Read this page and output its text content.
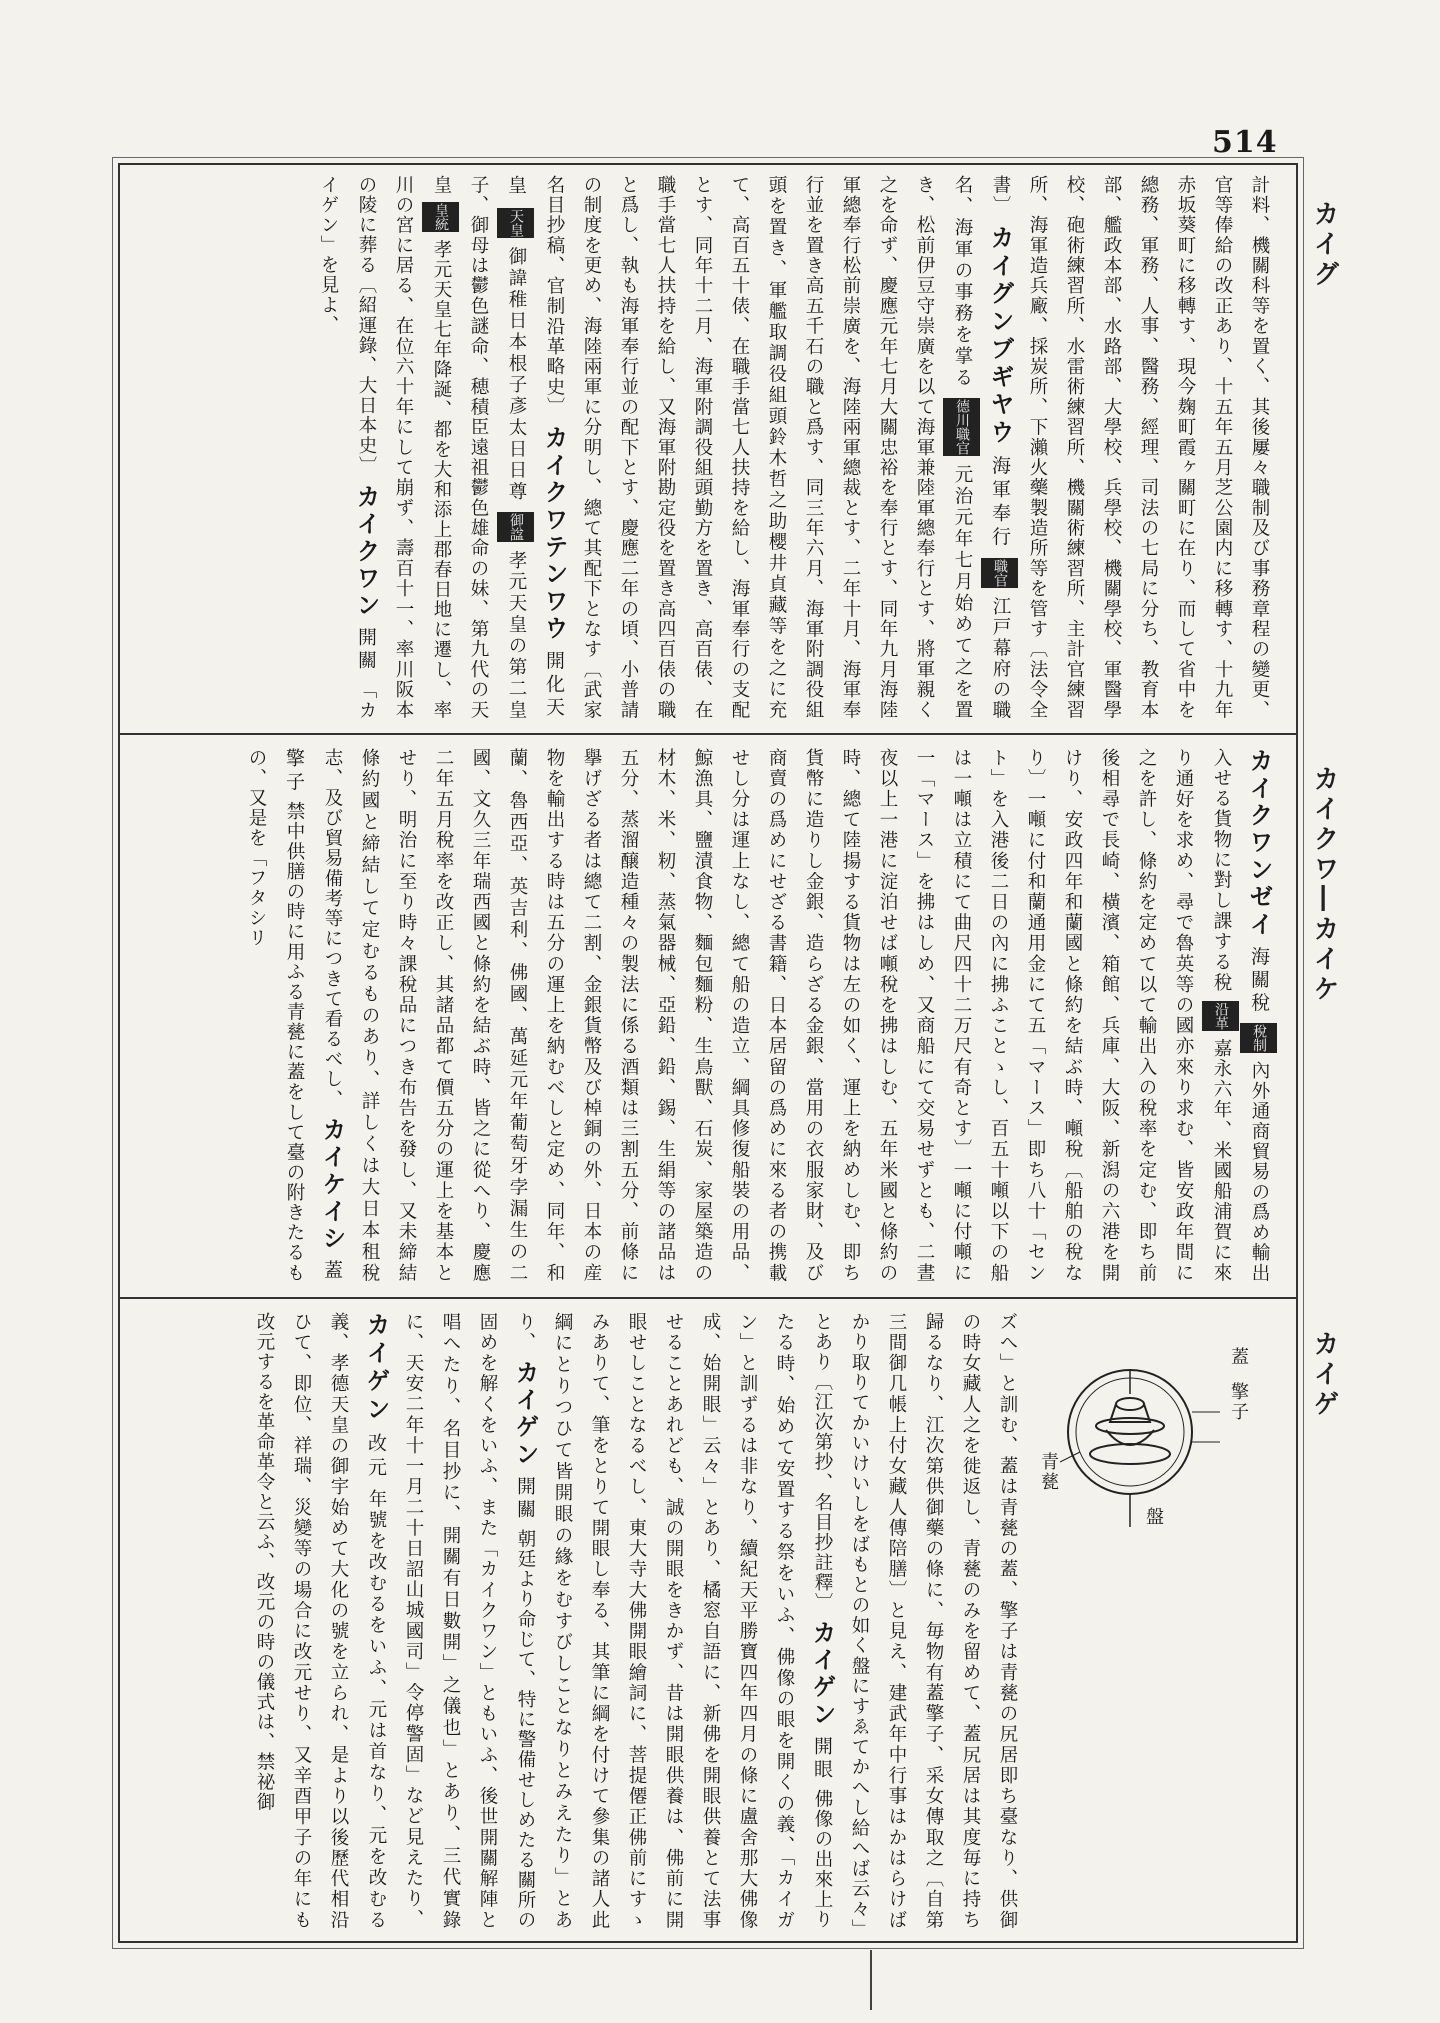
514
カイグ
カイクワ―カイケ
カイゲ
計料、機關科等を置く、其後屢々職制及び事務章程の變更、官等俸給の改正あり、十五年五月芝公園内に移轉す、十九年赤坂葵町に移轉す、現今麹町霞ヶ關町に在り、而して省中を總務、軍務、人事、醫務、經理、司法の七局に分ち、教育本部、艦政本部、水路部、大學校、兵學校、機關學校、軍醫學校、砲術練習所、水雷術練習所、機關術練習所、主計官練習所、海軍造兵廠、採炭所、下瀨火藥製造所等を管す〔法令全書〕 カイグンブギヤウ 海軍奉行 職官 江戸幕府の職名、海軍の事務を掌る 德川職官 元治元年七月始めて之を置き、松前伊豆守崇廣を以て海軍兼陸軍總奉行とす、將軍親く之を命ず、慶應元年七月大關忠裕を奉行とす、同年九月海陸軍總奉行松前崇廣を、海陸兩軍總裁とす、二年十月、海軍奉行並を置き高五千石の職と爲す、同三年六月、海軍附調役組頭を置き、軍艦取調役組頭鈴木哲之助櫻井貞藏等を之に充て、高百五十俵、在職手當七人扶持を給し、海軍奉行の支配とす、同年十二月、海軍附調役組頭勤方を置き、高百俵、在職手當七人扶持を給し、又海軍附勘定役を置き高四百俵の職と爲し、執も海軍奉行並の配下とす、慶應二年の頃、小普請の制度を更め、海陸兩軍に分明し、總て其配下となす〔武家名目抄稿、官制沿革略史〕 カイクワテンワウ 開化天皇 天皇 御諱稚日本根子彥太日日尊 御諡 孝元天皇の第二皇子、御母は鬱色謎命、穂積臣遠祖鬱色雄命の妹、第九代の天皇 皇統 孝元天皇七年降誕、都を大和添上郡春日地に遷し、率川の宮に居る、在位六十年にして崩ず、壽百十一、率川阪本の陵に葬る〔紹運錄、大日本史〕 カイクワン 開關 「カイゲン」を見よ、
カイクワンゼイ 海關稅 稅制 內外通商貿易の爲め輸出入せる貨物に對し課する稅 沿革 嘉永六年、米國船浦賀に來り通好を求め、尋で魯英等の國亦來り求む、皆安政年間に之を許し、條約を定めて以て輸出入の稅率を定む、即ち前後相尋で長崎、橫濱、箱館、兵庫、大阪、新潟の六港を開けり、安政四年和蘭國と條約を結ぶ時、噸稅〔船舶の稅なり〕一噸に付和蘭通用金にて五「マース」即ち八十「セント」を入港後二日の內に拂ふことゝし、百五十噸以下の船は一噸は立積にて曲尺四十二万尺有奇とす〕一噸に付噸に一「マース」を拂はしめ、又商船にて交易せずとも、二晝夜以上一港に淀泊せば噸稅を拂はしむ、五年米國と條約の時、總て陸揚する貨物は左の如く、運上を納めしむ、即ち貨幣に造りし金銀、造らざる金銀、當用の衣服家財、及び商賣の爲めにせざる書籍、日本居留の爲めに來る者の携載せし分は運上なし、總て船の造立、綱具修復船裝の用品、鯨漁具、鹽漬食物、麵包麵粉、生鳥獸、石炭、家屋築造の材木、米、籾、蒸氣器械、亞鉛、鉛、錫、生絹等の諸品は五分、蒸溜醸造種々の製法に係る酒類は三割五分、前條に擧げざる者は總て二割、金銀貨幣及び棹銅の外、日本の産物を輸出する時は五分の運上を納むべしと定め、同年、和蘭、魯西亞、英吉利、佛國、萬延元年葡萄牙孛漏生の二國、文久三年瑞西國と條約を結ぶ時、皆之に從へり、慶應二年五月稅率を改正し、其諸品都て價五分の運上を基本とせり、明治に至り時々課稅品につき布告を發し、又未締結條約國と締結して定むるものあり、詳しくは大日本租稅志、及び貿易備考等につきて看るべし、 カイケイシ 蓋擎子 禁中供膳の時に用ふる青甆に蓋をして臺の附きたるもの、又是を「フタシリ
ズへ」と訓む、蓋は青甆の蓋、擎子は青甆の尻居即ち臺なり、供御の時女藏人之を徙返し、青甆のみを留めて、蓋尻居は其度毎に持ち歸るなり、江次第供御藥の條に、毎物有蓋擎子、采女傳取之〔自第三間御几帳上付女藏人傳陪膳〕と見え、建武年中行事はかはらけばかり取りてかいけいしをばもとの如く盤にすゑてかへし給へば云々」とあり〔江次第抄、名目抄註釋〕 カイゲン 開眼 佛像の出來上りたる時、始めて安置する祭をいふ、佛像の眼を開くの義、「カイガン」と訓ずるは非なり、續紀天平勝寶四年四月の條に盧舍那大佛像成、始開眼」云々」とあり、橘窓自語に、新佛を開眼供養とて法事せることあれども、誠の開眼をきかず、昔は開眼供養は、佛前に開眼せしことなるべし、東大寺大佛開眼繪詞に、菩提僊正佛前にすゝみありて、筆をとりて開眼し奉る、其筆に綱を付けて參集の諸人此綱にとりつひて皆開眼の緣をむすびしことなりとみえたり」とあり、 カイゲン 開關 朝廷より命じて、特に警備せしめたる關所の固めを解くをいふ、また「カイクワン」ともいふ、後世開關解陣と唱へたり、名目抄に、開關有日數開」之儀也」とあり、三代實錄に、天安二年十一月二十日詔山城國司」令停警固」など見えたり、 カイゲン 改元 年號を改むるをいふ、元は首なり、元を改むる義、孝德天皇の御宇始めて大化の號を立られ、是より以後歷代相沿ひて、即位、祥瑞、災變等の場合に改元せり、又辛酉甲子の年にも改元するを革命革令と云ふ、改元の時の儀式は、禁祕御	蓋
擎子
盤
青甆
